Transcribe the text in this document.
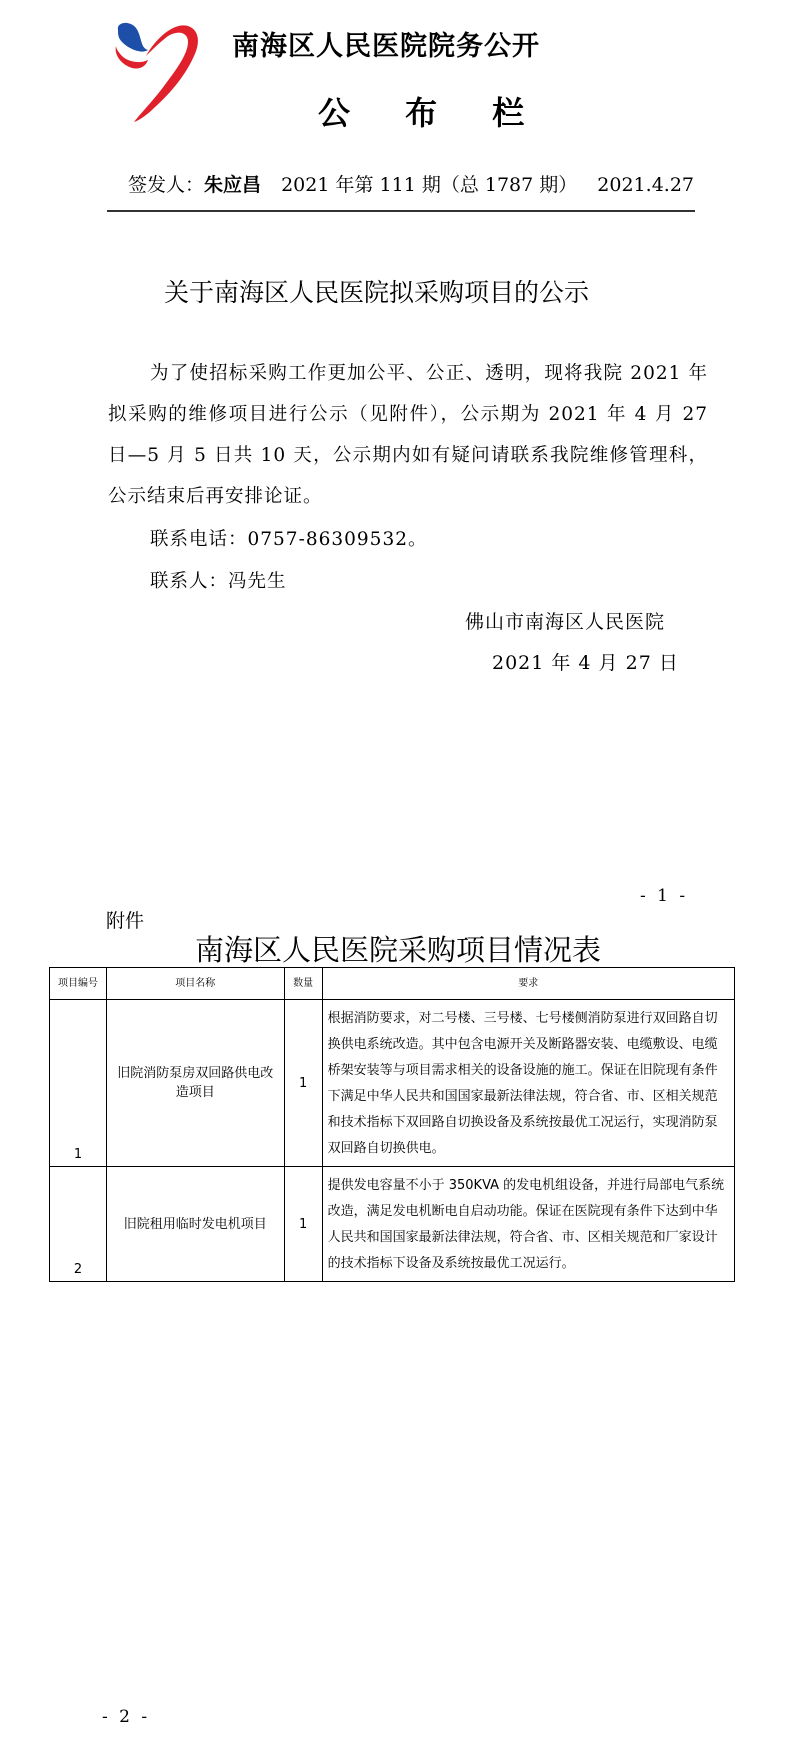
南海区人民医院院务公开
公 布 栏
签发人：朱应昌 2021 年第 111 期（总 1787 期） 2021.4.27
关于南海区人民医院拟采购项目的公示

为了使招标采购工作更加公平、公正、透明，现将我院 2021 年拟采购的维修项目进行公示（见附件），公示期为 2021 年 4 月 27 日—5 月 5 日共 10 天，公示期内如有疑问请联系我院维修管理科，公示结束后再安排论证。

联系电话：0757-86309532。
联系人：冯先生
佛山市南海区人民医院
2021 年 4 月 27 日
- 1 -
附件
南海区人民医院采购项目情况表
项目编号	项目名称	数量	要求
1	旧院消防泵房双回路供电改造项目	1	根据消防要求，对二号楼、三号楼、七号楼侧消防泵进行双回路自切换供电系统改造。其中包含电源开关及断路器安装、电缆敷设、电缆桥架安装等与项目需求相关的设备设施的施工。保证在旧院现有条件下满足中华人民共和国国家最新法律法规，符合省、市、区相关规范和技术指标下双回路自切换设备及系统按最优工况运行，实现消防泵双回路自切换供电。
2	旧院租用临时发电机项目	1	提供发电容量不小于 350KVA 的发电机组设备，并进行局部电气系统改造，满足发电机断电自启动功能。保证在医院现有条件下达到中华人民共和国国家最新法律法规，符合省、市、区相关规范和厂家设计的技术指标下设备及系统按最优工况运行。
- 2 -
